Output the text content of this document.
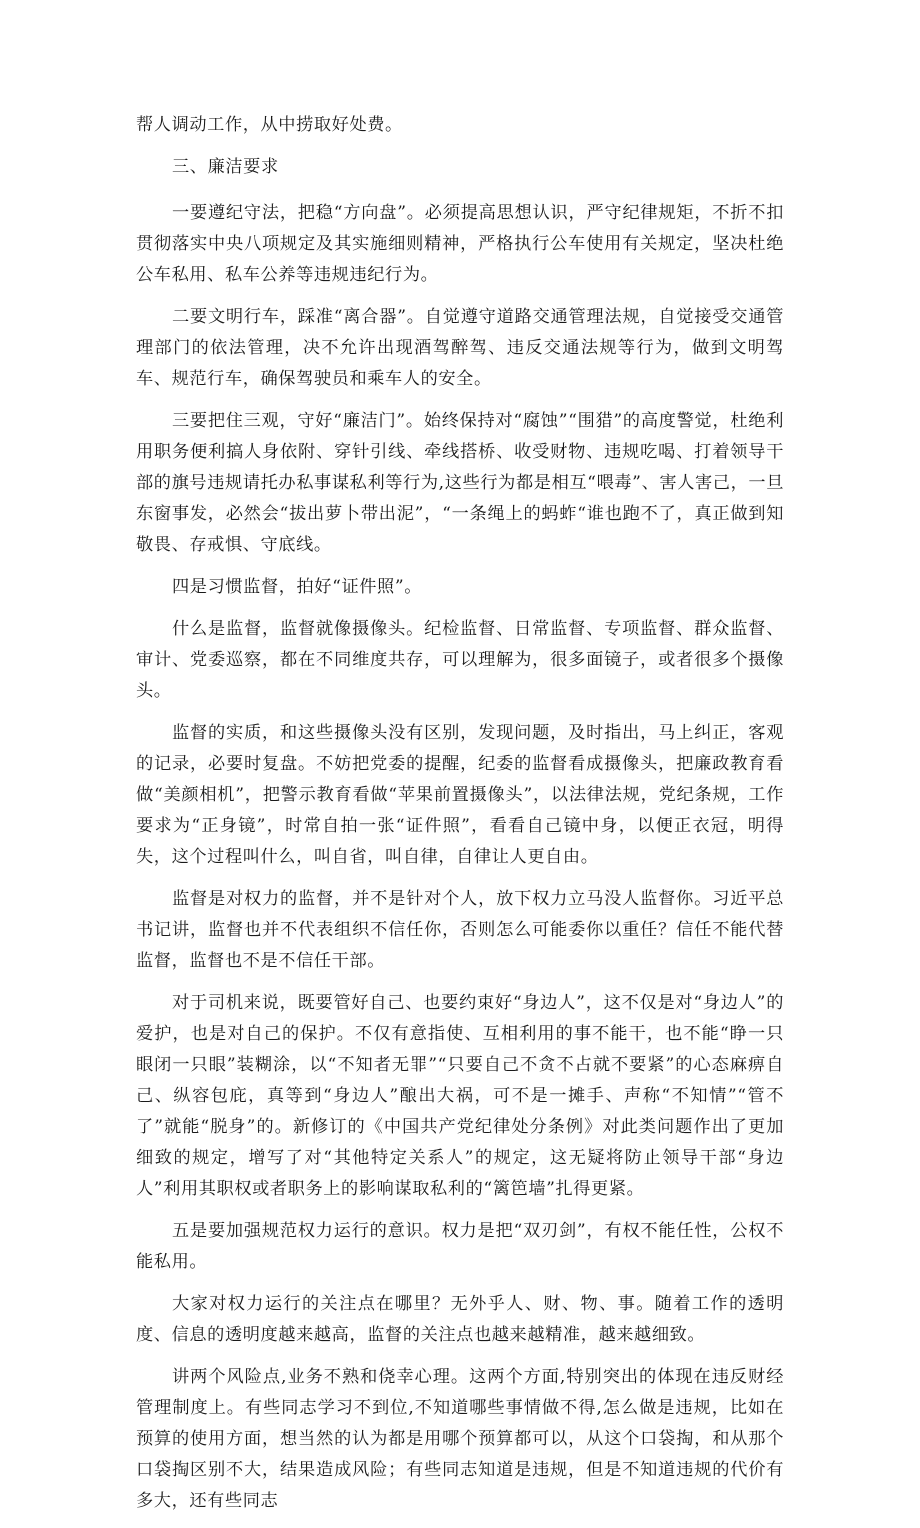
帮人调动工作，从中捞取好处费。

三、廉洁要求

一要遵纪守法，把稳“方向盘”。必须提高思想认识，严守纪律规矩，不折不扣贯彻落实中央八项规定及其实施细则精神，严格执行公车使用有关规定，坚决杜绝公车私用、私车公养等违规违纪行为。

二要文明行车，踩准“离合器”。自觉遵守道路交通管理法规，自觉接受交通管理部门的依法管理，决不允许出现酒驾醉驾、违反交通法规等行为，做到文明驾车、规范行车，确保驾驶员和乘车人的安全。

三要把住三观，守好“廉洁门”。始终保持对“腐蚀”“围猎”的高度警觉，杜绝利用职务便利搞人身依附、穿针引线、牵线搭桥、收受财物、违规吃喝、打着领导干部的旗号违规请托办私事谋私利等行为,这些行为都是相互“喂毒”、害人害己，一旦东窗事发，必然会“拔出萝卜带出泥”，“一条绳上的蚂蚱“谁也跑不了，真正做到知敬畏、存戒惧、守底线。

四是习惯监督，拍好“证件照”。

什么是监督，监督就像摄像头。纪检监督、日常监督、专项监督、群众监督、审计、党委巡察，都在不同维度共存，可以理解为，很多面镜子，或者很多个摄像头。

监督的实质，和这些摄像头没有区别，发现问题，及时指出，马上纠正，客观的记录，必要时复盘。不妨把党委的提醒，纪委的监督看成摄像头，把廉政教育看做“美颜相机”，把警示教育看做“苹果前置摄像头”，以法律法规，党纪条规，工作要求为“正身镜”，时常自拍一张“证件照”，看看自己镜中身，以便正衣冠，明得失，这个过程叫什么，叫自省，叫自律，自律让人更自由。

监督是对权力的监督，并不是针对个人，放下权力立马没人监督你。习近平总书记讲，监督也并不代表组织不信任你，否则怎么可能委你以重任？信任不能代替监督，监督也不是不信任干部。

对于司机来说，既要管好自己、也要约束好“身边人”，这不仅是对“身边人”的爱护，也是对自己的保护。不仅有意指使、互相利用的事不能干，也不能“睁一只眼闭一只眼”装糊涂，以“不知者无罪”“只要自己不贪不占就不要紧”的心态麻痹自己、纵容包庇，真等到“身边人”酿出大祸，可不是一摊手、声称“不知情”“管不了”就能“脱身”的。新修订的《中国共产党纪律处分条例》对此类问题作出了更加细致的规定，增写了对“其他特定关系人”的规定，这无疑将防止领导干部“身边人”利用其职权或者职务上的影响谋取私利的“篱笆墙”扎得更紧。

五是要加强规范权力运行的意识。权力是把“双刃剑”，有权不能任性，公权不能私用。

大家对权力运行的关注点在哪里？无外乎人、财、物、事。随着工作的透明度、信息的透明度越来越高，监督的关注点也越来越精准，越来越细致。

讲两个风险点,业务不熟和侥幸心理。这两个方面,特别突出的体现在违反财经管理制度上。有些同志学习不到位,不知道哪些事情做不得,怎么做是违规，比如在预算的使用方面，想当然的认为都是用哪个预算都可以，从这个口袋掏，和从那个口袋掏区别不大，结果造成风险；有些同志知道是违规，但是不知道违规的代价有多大，还有些同志
